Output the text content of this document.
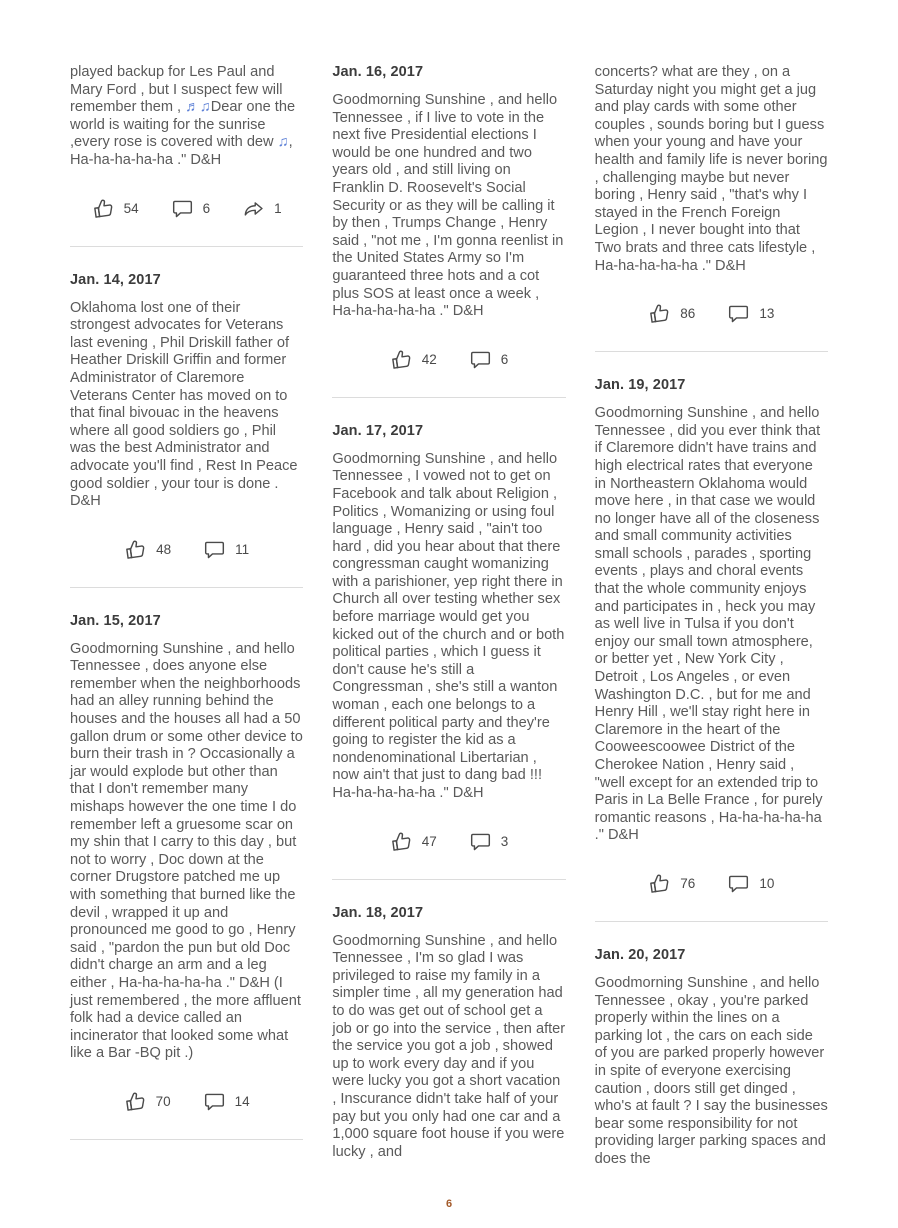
played backup for Les Paul and Mary Ford , but I suspect few will remember them , ♬♫Dear one the world is waiting for the sunrise ,every rose is covered with dew ♫, Ha-ha-ha-ha-ha ." D&H

54	6	1
Jan. 14, 2017

Oklahoma lost one of their strongest advocates for Veterans last evening , Phil Driskill father of Heather Driskill Griffin and former Administrator of Claremore Veterans Center has moved on to that final bivouac in the heavens where all good soldiers go , Phil was the best Administrator and advocate you'll find , Rest In Peace good soldier , your tour is done . D&H

48	11
Jan. 15, 2017

Goodmorning Sunshine , and hello Tennessee , does anyone else remember when the neighborhoods had an alley running behind the houses and the houses all had a 50 gallon drum or some other device to burn their trash in ? Occasionally a jar would explode but other than that I don't remember many mishaps however the one time I do remember left a gruesome scar on my shin that I carry to this day , but not to worry , Doc down at the corner Drugstore patched me up with something that burned like the devil , wrapped it up and pronounced me good to go , Henry said , "pardon the pun but old Doc didn't charge an arm and a leg either , Ha-ha-ha-ha-ha ." D&H (I just remembered , the more affluent folk had a device called an incinerator that looked some what like a Bar -BQ pit .)

70	14
Jan. 16, 2017

Goodmorning Sunshine , and hello Tennessee , if I live to vote in the next five Presidential elections I would be one hundred and two years old , and still living on Franklin D. Roosevelt's Social Security or as they will be calling it by then , Trumps Change , Henry said , "not me , I'm gonna reenlist in the United States Army so I'm guaranteed three hots and a cot plus SOS at least once a week , Ha-ha-ha-ha-ha ." D&H

42	6
Jan. 17, 2017

Goodmorning Sunshine , and hello Tennessee , I vowed not to get on Facebook and talk about Religion , Politics , Womanizing or using foul language , Henry said , "ain't too hard , did you hear about that there congressman caught womanizing with a parishioner, yep right there in Church all over testing whether sex before marriage would get you kicked out of the church and or both political parties , which I guess it don't cause he's still a Congressman , she's still a wanton woman , each one belongs to a different political party and they're going to register the kid as a nondenominational Libertarian , now ain't that just to dang bad !!! Ha-ha-ha-ha-ha ." D&H

47	3
Jan. 18, 2017

Goodmorning Sunshine , and hello Tennessee , I'm so glad I was privileged to raise my family in a simpler time , all my generation had to do was get out of school get a job or go into the service , then after the service you got a job , showed up to work every day and if you were lucky you got a short vacation , Inscurance didn't take half of your pay but you only had one car and a 1,000 square foot house if you were lucky , and

concerts? what are they , on a Saturday night you might get a jug and play cards with some other couples , sounds boring but I guess when your young and have your health and family life is never boring , challenging maybe but never boring , Henry said , "that's why I stayed in the French Foreign Legion , I never bought into that Two brats and three cats lifestyle , Ha-ha-ha-ha-ha ." D&H

86	13
Jan. 19, 2017

Goodmorning Sunshine , and hello Tennessee , did you ever think that if Claremore didn't have trains and high electrical rates that everyone in Northeastern Oklahoma would move here , in that case we would no longer have all of the closeness and small community activities small schools , parades , sporting events , plays and choral events that the whole community enjoys and participates in , heck you may as well live in Tulsa if you don't enjoy our small town atmosphere, or better yet , New York City , Detroit , Los Angeles , or even Washington D.C. , but for me and Henry Hill , we'll stay right here in Claremore in the heart of the Cooweescoowee District of the Cherokee Nation , Henry said , "well except for an extended trip to Paris in La Belle France , for purely romantic reasons , Ha-ha-ha-ha-ha ." D&H

76	10
Jan. 20, 2017

Goodmorning Sunshine , and hello Tennessee , okay , you're parked properly within the lines on a parking lot , the cars on each side of you are parked properly however in spite of everyone exercising caution , doors still get dinged , who's at fault ? I say the businesses bear some responsibility for not providing larger parking spaces and does the

6
